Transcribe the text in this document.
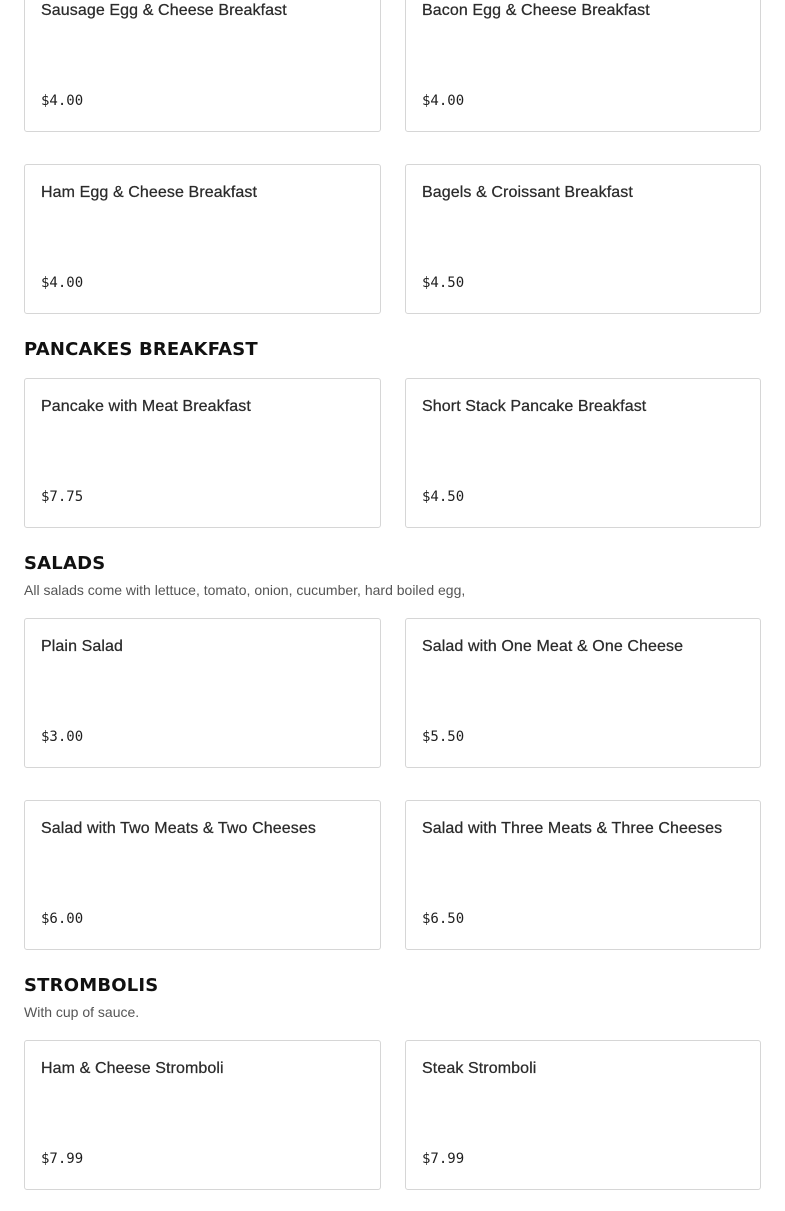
Sausage Egg & Cheese Breakfast
$4.00
Bacon Egg & Cheese Breakfast
$4.00
Ham Egg & Cheese Breakfast
$4.00
Bagels & Croissant Breakfast
$4.50
PANCAKES BREAKFAST
Pancake with Meat Breakfast
$7.75
Short Stack Pancake Breakfast
$4.50
SALADS

All salads come with lettuce, tomato, onion, cucumber, hard boiled egg,

Plain Salad
$3.00
Salad with One Meat & One Cheese
$5.50
Salad with Two Meats & Two Cheeses
$6.00
Salad with Three Meats & Three Cheeses
$6.50
STROMBOLIS

With cup of sauce.

Ham & Cheese Stromboli
$7.99
Steak Stromboli
$7.99
